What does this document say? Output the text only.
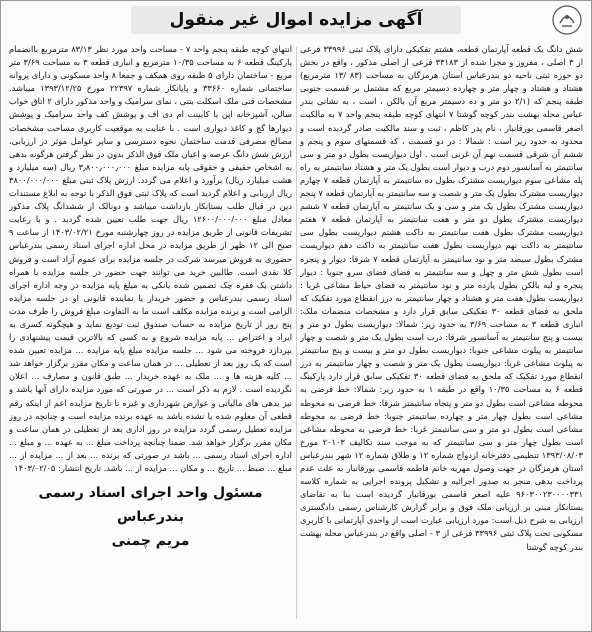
آگهی مزایده اموال غیر منقول

شش دانگ یک قطعه آپارتمان قطعه، هشتم تفکیکی دارای پلاک ثبتی ۳۳۹۹۶ فرعی از ۳ اصلی ، مفروز و مجزا شده از ۳۳۱۸۳ فرعی از اصلی مذکور ، واقع در بخش دو حوزه ثبتی ناحیه دو بندرعباس استان هرمزگان به مساحت (۸۳ /۱۳ مترمربع) هشتاد و هشتاد و چهار متر و چهارده دسیمتر مربع که مشتمل بر قسمت جنوبی طبقه پنجم که (۲/۱ دو متر و ده دسیمتر مربع آن بالکن ، است ، به نشانی بندر عباس محله بهشت بندر کوچه گوشتا ۷ انتهای کوچه طبقه پنجم واحد ۷ به مالکیت اصغر قاسمی بورقانبار ، نام پدر کاظم ، ثبت و سند مالکیت صادر گردیده است و محدود به حدود زیر است : شمالا : در دو قسمت ، که قسمتهای سوم و پنجم و ششم آن شرقی قسمت نهم آن غربی است . اول دیواریست بطول دو متر و سی سانتیمتر به آسانسور دوم درب و دیوار است بطول یک متر و هشتاد سانتیمتر به راه پله مشاعی سوم دیواریست مشترک بطول ده سانتیمتر به آپارتمان قطعه ۷ چهارم دیواریست مشترک بطول یک متر و شصت و سه سانتیمتر به آپارتمان قطعه ۷ پنجم دیواریست مشترک بطول یک متر و سی و یک سانتیمتر به آپارتمان قطعه ۷ ششم دیواریست مشترک بطول دو متر و هفت سانتیمتر به آپارتمان قطعه ۷ هفتم دیواریست مشترک بطول هفت سانتیمتر به داکت هشتم دیواریست بطول سی سانتیمتر به داکت نهم دیواریست بطول هفت سانتیمتر به داکت دهم دیواریست مشترک بطول سیصد متر و نود سانتیمتر به آپارتمان قطعه ۷ شرقا: دیوار و پنجره است بطول شش متر و چهل و سه سانتیمتر به فضای فضای سرو جنوبا : دیوار پنجره و لبه بالکن بطول یازده متر و نود سانتیمتر به فضای حیاط مشاعی غربا : دیواریست بطول هفت متر و هشتاد و چهار سانتیمتر به درز انقطاع مورد تفکیک که ملحق به فضای قطعه ۳۰ تفکیکی سابق قرار دارد و مشخصات منضمات ملک: انباری قطعه ۳ به مساحت ۳/۶۹ به حدود زیر: شمالا: دیواریست بطول دو متر و بیست و پنج سانتیمتر به آسانسور شرقا: درب است بطول یک متر و شصت و چهار سانتیمتر به پیلوت مشاعی جنوبا: دیواریست بطول دو متر و بیست و پنج سانتیمتر به پیلوت مشاعی غربا: دیواریست بطول یک متر و شصت و چهار سانتیمتر به درز انقطاع مورد تفکیک که ملحق به فضای قطعه ۳۰ تفکیکی سابق قرار دارد پارکینگ قطعه ۶ به مساحت ۱۰/۳۵ واقع در طبقه ۱ به حدود زیر: شمالا: خط فرضی به محوطه مشاعی است بطول دو متر و پنجاه سانتیمتر شرقا: خط فرضی به محوطه مشاعی است بطول چهار متر و چهارده سانتیمتر جنوبا: خط فرضی به محوطه مشاعی است بطول دو متر و سی سانتیمتر غربا: خط فرضی به محوطه مشاعی است بطول چهار متر و سی سانتیمتر که به موجب سند تکالیف ۲۰۱۰۳ مورخ ۱۳۹۳/۰۸/۰۳ تنظیمی دفترخانه ازدواج شماره ۱۲ و طلاق شماره ۱۲ شهر بندرعباس استان هرمزگان در جهت وصول مهریه خانم فاطمه قاسمی بورقانبار به علت عدم پرداخت بدهی منجر به صدور اجرائیه و تشکیل پرونده اجرایی به شماره کلاسه ۹۶۰۳۰۰۲۳۰۰۰۰۳۳۱ علیه اصغر قاسمی بورقانبار گردیده است بنا به تقاضای بستانکار مبنی بر ارزیابی ملک فوق و برابر گزارش کارشناس رسمی دادگستری ارزیابی به شرح ذیل است: مورد ارزیابی عبارت است از واحدی آپارتمانی با کاربری مسکونی تحت پلاک ثبتی ۳۳۹۹۶ فرعی از ۳ - اصلی واقع در بندرعباس محله بهشت بندر کوچه گوشتا

انتهای کوچه طبقه پنجم واحد ۷ - مساحت واحد مورد نظر ۸۳/۱۳ مترمربع باانضمام پارکینگ قطعه ۶ به مساحت ۱۰/۳۵ مترمربع و انباری قطعه ۳ به مساحت ۳/۶۹ متر مربع - ساختمان دارای ۵ طبقه روی همکف و جمعا ۸ واحد مسکونی و دارای پروانه ساختمانی شماره ۳۳۶۶۰ و پایانکار شماره ۲۲۳۹۷ مورخ ۱۳۹۳/۱۲/۲۵ میباشد. مشخصات فنی ملک اسکلت بتنی ، نمای سرامیک و واحد مذکور دارای ۲ اتاق خواب سالن، آشپزخانه اپن با کابینت ام دی اف و پوشش کف واحد سرامیک و پوشش دیوارها گچ و کاغذ دیواری است . با عنایت به موقعیت کاربری مساحت مشخصات مصالح مصرفی قدمت ساختمان نحوه دسترسی و سایر عوامل موثر در ارزیابی، ارزش شش دانگ عرصه و اعیان ملک فوق الذکر بدون در نظر گرفتن هرگونه بدهی به اشخاص حقیقی و حقوقی پایه مزایده مبلغ ۳٫۸۰۰٫۰۰۰٫۰۰۰ ریال (سه میلیارد و هشت میلیارد ریال) برآورد و اعلام می گردد. ارزش پلاک ثبتی مبلغ ۳۸۰۰/۰۰۰/۰۰۰ ریال ارزیابی و اعلام گردید است که پلاک ثبتی فوق الذکر با توجه به ابلاغ مستندات دین در قبال طلب بستانکار بازداشت میباشد و دونالک از ششدانگ پلاک مذکور معادل مبلغ ۱۲۶۰۰/۰۰۰/۰۰۰ ریال جهت طلب تعیین شده گردید . و با رعایت تشریفات قانونی از طریق مزایده در روز چهارشنبه مورخ ۱۴۰۳/۰۲/۲۱ از ساعت ۹ صبح الی ۱۲ ظهر از طریق مزایده در محل اداره اجرای اسناد رسمی بندرعباس حضوری به فروش میرسد شرکت در جلسه مزایده برای عموم آزاد است و فروش کلا نقدی است. طالبین خرید می توانند جهت حضور در جلسه مزایده با همراه داشتن یک فقره چک تضمین شده بانکی به مبلغ پایه مزایده در وجه اداره اجرای اسناد رسمی بندرعباس و حضور خریدار یا نماینده قانونی او در جلسه مزایده الزامی است و برنده مزایده مکلف است ما به التفاوت مبلغ فروش را ظرف مدت پنج روز از تاریخ مزایده به حساب صندوق ثبت تودیع نماید و هیچگونه کسری به ایراد و اعتراض ... پایه مزایده شروع و به کسی که بالاترین قیمت پیشنهادی را بپردازد فروخته می شود ... جلسه مزایده مبلغ پایه مزایده ... مزایده تعیین شده است که یک روز بعد از تعطیلی ... در همان ساعت و مکان مقرر برگزار خواهد شد ... کلیه هزینه ها و ... ملک به عهده خریدار ... طبق قانون و مصارف ... اعلان نگردیده است . لازم به ذکر است ... در صورتی که مورد مزایده دارای آنها باشد و نیز بدهی های مالیاتی و عوارض شهرداری و غیره تا تاریخ مزایده اعم از اینکه رقم قطعی آن معلوم شده یا نشده باشد به عهده برنده مزایده است و چنانچه در روز مزایده تعطیل رسمی گردد مزایده در روز اداری بعد از تعطیلی در همان ساعت و مکان مقرر برگزار خواهد شد. ضمنا چنانچه پرداخت مبلغ ... به عهده ... و مبلغ ... اداره اجرای اسناد رسمی ... باشد در صورتی که برنده ... بعد از ... مزایده از ... مبلغ ... ضبط ... تاریخ ... و مکان ... مزایده از ... باشد. تاریخ انتشار: ۱۴۰۳/۰۲/۰۵

مسئول واحد اجرای اسناد رسمی بندرعباس
مریم چمنی
